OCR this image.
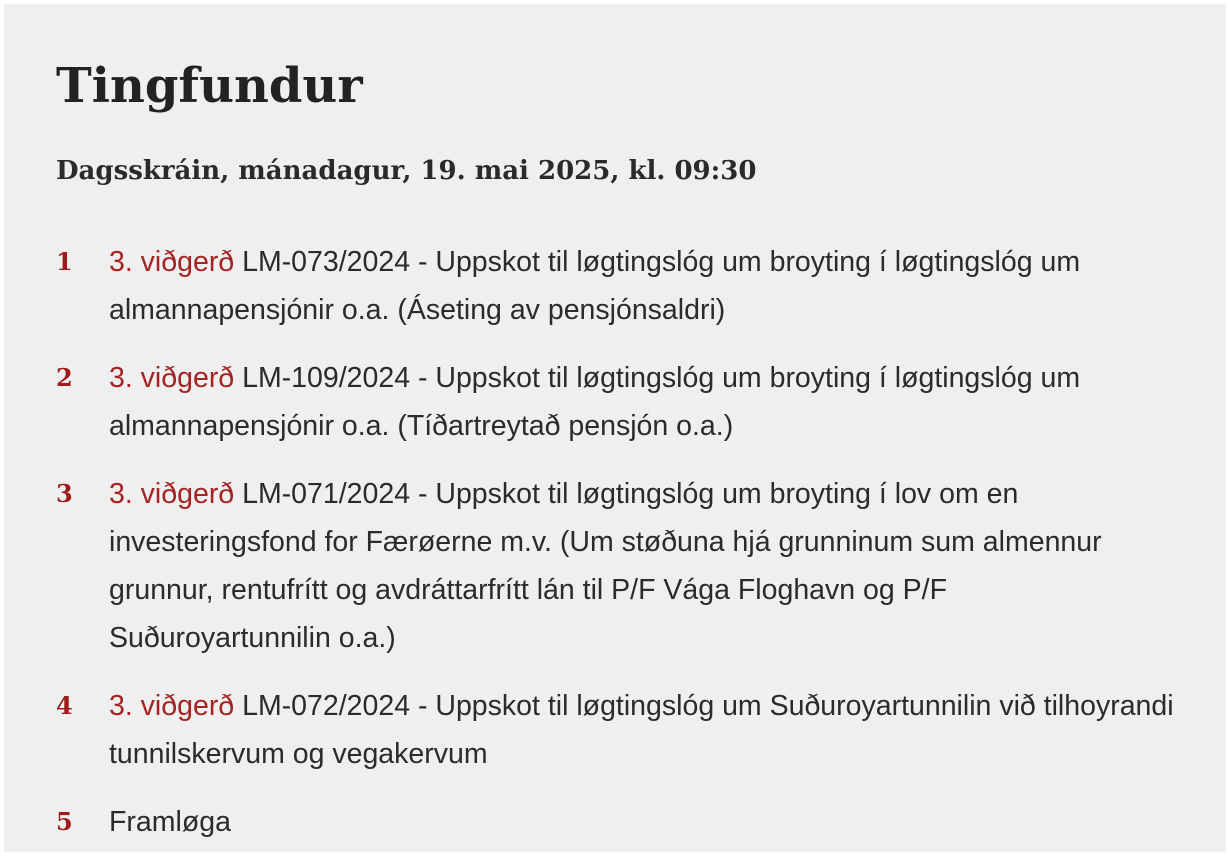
Tingfundur
Dagsskráin, mánadagur, 19. mai 2025, kl. 09:30
1	3. viðgerð LM-073/2024 - Uppskot til løgtingslóg um broyting í løgtingslóg um almannapensjónir o.a. (Áseting av pensjónsaldri)
2	3. viðgerð LM-109/2024 - Uppskot til løgtingslóg um broyting í løgtingslóg um almannapensjónir o.a. (Tíðartreytað pensjón o.a.)
3	3. viðgerð LM-071/2024 - Uppskot til løgtingslóg um broyting í lov om en investeringsfond for Færøerne m.v. (Um støðuna hjá grunninum sum almennur grunnur, rentufrítt og avdráttarfrítt lán til P/F Vága Floghavn og P/F Suðuroyartunnilin o.a.)
4	3. viðgerð LM-072/2024 - Uppskot til løgtingslóg um Suðuroyartunnilin við tilhoyrandi tunnilskervum og vegakervum
5	Framløga
